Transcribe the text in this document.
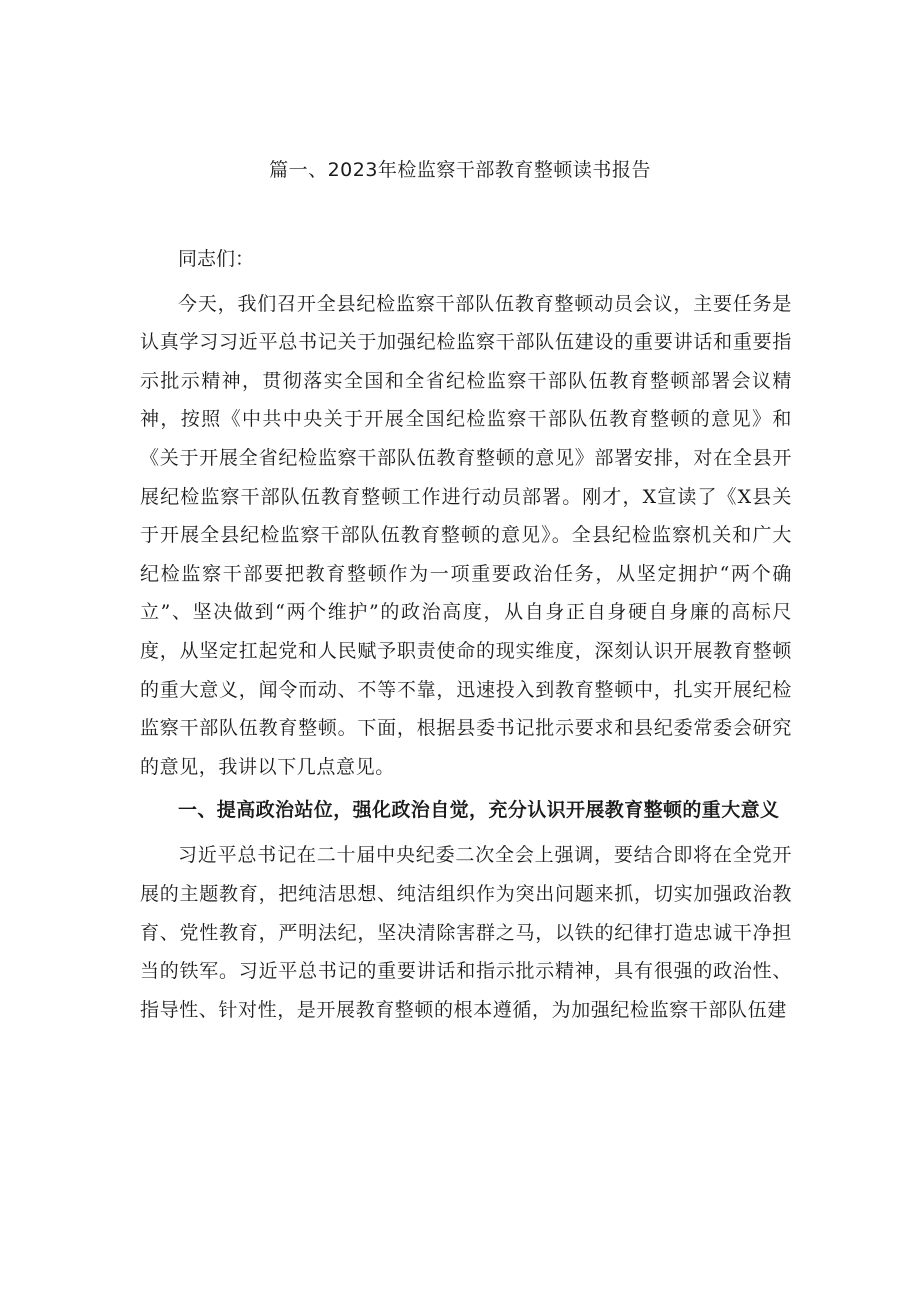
篇一、2023年检监察干部教育整顿读书报告

同志们：

今天，我们召开全县纪检监察干部队伍教育整顿动员会议，主要任务是认真学习习近平总书记关于加强纪检监察干部队伍建设的重要讲话和重要指示批示精神，贯彻落实全国和全省纪检监察干部队伍教育整顿部署会议精神，按照《中共中央关于开展全国纪检监察干部队伍教育整顿的意见》和《关于开展全省纪检监察干部队伍教育整顿的意见》部署安排，对在全县开展纪检监察干部队伍教育整顿工作进行动员部署。刚才，X宣读了《X县关于开展全县纪检监察干部队伍教育整顿的意见》。全县纪检监察机关和广大纪检监察干部要把教育整顿作为一项重要政治任务，从坚定拥护“两个确立”、坚决做到“两个维护”的政治高度，从自身正自身硬自身廉的高标尺度，从坚定扛起党和人民赋予职责使命的现实维度，深刻认识开展教育整顿的重大意义，闻令而动、不等不靠，迅速投入到教育整顿中，扎实开展纪检监察干部队伍教育整顿。下面，根据县委书记批示要求和县纪委常委会研究的意见，我讲以下几点意见。

一、提高政治站位，强化政治自觉，充分认识开展教育整顿的重大意义

习近平总书记在二十届中央纪委二次全会上强调，要结合即将在全党开展的主题教育，把纯洁思想、纯洁组织作为突出问题来抓，切实加强政治教育、党性教育，严明法纪，坚决清除害群之马，以铁的纪律打造忠诚干净担当的铁军。习近平总书记的重要讲话和指示批示精神，具有很强的政治性、指导性、针对性，是开展教育整顿的根本遵循，为加强纪检监察干部队伍建
